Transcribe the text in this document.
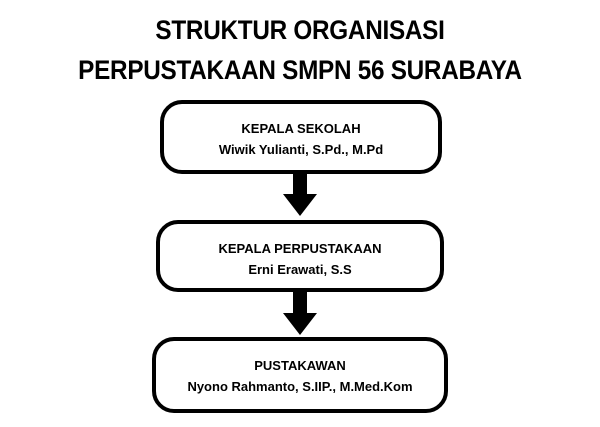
STRUKTUR ORGANISASI
PERPUSTAKAAN SMPN 56 SURABAYA
KEPALA SEKOLAH
Wiwik Yulianti, S.Pd., M.Pd
KEPALA PERPUSTAKAAN
Erni Erawati, S.S
PUSTAKAWAN
Nyono Rahmanto, S.IIP., M.Med.Kom
